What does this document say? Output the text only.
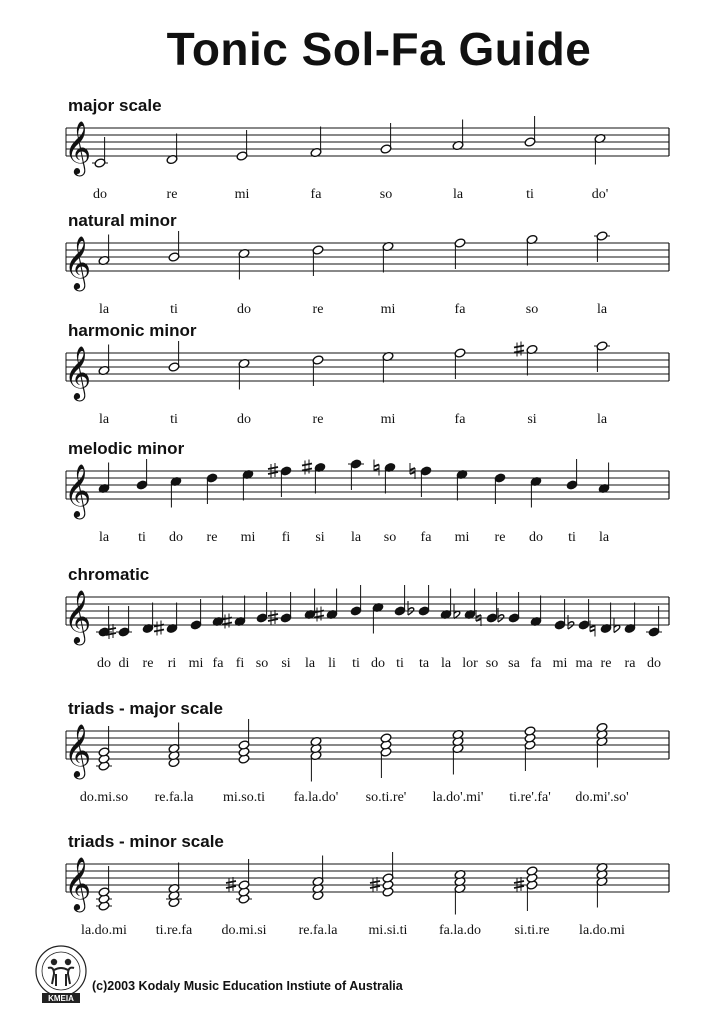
Tonic Sol-Fa Guide
major scale
𝄞
do	re	mi	fa	so	la	ti	do'
natural minor
𝄞
la	ti	do	re	mi	fa	so	la
harmonic minor
𝄞
la	ti	do	re	mi	fa	si	la
melodic minor
𝄞
la ti do re mi fi si la so fa mi re do ti la
chromatic
𝄞
do di re ri mi fa fi so si la li ti do ti ta la lor so sa fa mi ma re ra do
triads - major scale
𝄞
do.mi.so re.fa.la mi.so.ti fa.la.do' so.ti.re' la.do'.mi' ti.re'.fa' do.mi'.so'
triads - minor scale
𝄞
la.do.mi ti.re.fa do.mi.si re.fa.la mi.si.ti fa.la.do si.ti.re la.do.mi
KMEIA
(c)2003 Kodaly Music Education Instiute of Australia
